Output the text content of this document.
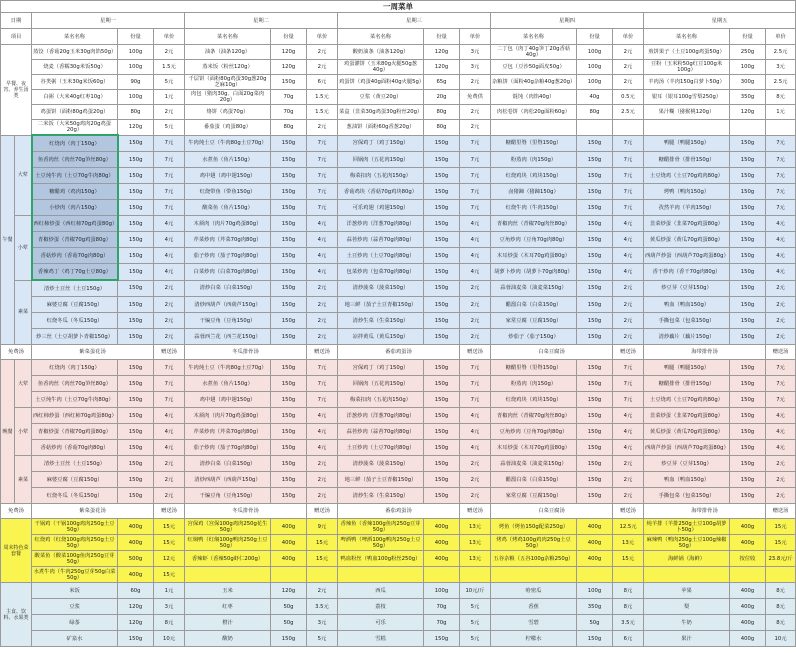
一周菜单																
日期		星期一			星期二			星期三			星期四			星期五		
项目		菜名名称	份量	单价	菜名名称	份量	单价	菜名名称	份量	单价	菜名名称	份量	单价	菜名名称	份量	单价
早餐、夜宵、养生汤类		蒸饺（香菇20g玉米30g肉馅50g）	100g	2元	油条（油条120g）	120g	2元	酸奶油条（油条120g）	120g	3元	二丁包（肉丁40g笋丁20g香菇40g）	100g	2元	煎饼果子（土豆100g鸡蛋50g）	250g	2.5元
		烧麦（香糯30g米饭50g）	100g	1.5元	蒸米饭（粉丝120g）	120g	2元	鸡蛋灌饼（玉米80g火腿50g葱40g）	120g	3元	豆包（豆沙50g面皮50g）	100g	2元	豆粉（玉米粉50g红豆100g米100g）	100g	3元
		谷类粥（玉米30g米饭60g）	90g	5元	千层饼（面粉80g鸡蛋30g葱20g芝麻10g）	150g	6元	鸡蛋饼（鸡蛋40g面粉40g火腿5g）	65g	2元	杂粮饼（面粉40g杂粮40g葱20g）	100g	2元	羊肉汤（羊肉150g白萝卜50g）	300g	2.5元
		白粥（大米40g红枣10g）	100g	1元	肉包（猪肉30g、白面20g菜肉20g）	70g	1.5元	豆浆（黄豆20g）	20g	免费供	馄饨（肉馅40g）	40g	0.5元	银耳（银耳100g雪梨250g）	350g	8元
		鸡蛋饼（面粉80g鸡蛋20g）	80g	2元	烙饼（鸡蛋70g）	70g	1.5元	菜盒（韭菜30g鸡蛋30g粉丝20g）	80g	2元	肉松卷饼（肉松20g面粉60g）	80g	2.5元	果汁糊（猕猴桃120g）	120g	1元
		二米饭（大米50g鸡肉20g鸡蛋20g）	120g	5元	番茄蛋（鸡蛋80g）	80g	2元	葱油饼（面粉60g香葱20g）	80g	2元						
午餐	大荤	红烧肉（肉丁150g）	150g	7元	牛肉炖土豆（牛肉80g土豆70g）	150g	7元	宫保鸡丁（鸡丁150g）	150g	7元	糖醋里脊（里脊150g）	150g	7元	鸭腿（鸭腿150g）	150g	7元
		鱼香肉丝（肉丝70g笋丝80g）	150g	7元	水煮鱼（鱼片150g）	150g	7元	回锅肉（五花肉150g）	150g	7元	粉蒸肉（肉150g）	150g	7元	糖醋排骨（排骨150g）	150g	7元
		土豆炖牛肉（土豆70g牛肉80g）	150g	7元	鸡中翅（鸡中翅150g）	150g	7元	梅菜扣肉（五花肉150g）	150g	7元	红烧鸡块（鸡块150g）	150g	7元	土豆烧鸡（土豆70g鸡肉80g）	150g	7元
		糖醋鸡（鸡肉150g）	150g	7元	红烧带鱼（带鱼150g）	150g	7元	香菇鸡块（香菇70g鸡块80g）	150g	7元	卤猪蹄（猪蹄150g）	150g	7元	烤鸭（鸭肉150g）	150g	7元
		小炒肉（肉片150g）	150g	7元	酸菜鱼（鱼片150g）	150g	7元	可乐鸡翅（鸡翅150g）	150g	7元	红烧牛肉（牛肉150g）	150g	7元	孜然羊肉（羊肉150g）	150g	7元
	小荤	西红柿炒蛋（西红柿70g鸡蛋80g）	150g	4元	木须肉（肉片70g鸡蛋80g）	150g	4元	洋葱炒肉（洋葱70g肉80g）	150g	4元	青椒肉丝（青椒70g肉丝80g）	150g	4元	韭菜炒蛋（韭菜70g鸡蛋80g）	150g	4元
		青椒炒蛋（青椒70g鸡蛋80g）	150g	4元	芹菜炒肉（芹菜70g肉80g）	150g	4元	蒜苔炒肉（蒜苔70g肉80g）	150g	4元	豆角炒肉（豆角70g肉80g）	150g	4元	黄瓜炒蛋（黄瓜70g鸡蛋80g）	150g	4元
		香菇炒肉（香菇70g肉80g）	150g	4元	茄子炒肉（茄子70g肉80g）	150g	4元	土豆炒肉（土豆70g肉80g）	150g	4元	木耳炒蛋（木耳70g鸡蛋80g）	150g	4元	西葫芦炒蛋（西葫芦70g鸡蛋80g）	150g	4元
		香辣鸡丁（鸡丁70g土豆80g）	150g	4元	白菜炒肉（白菜70g肉80g）	150g	4元	包菜炒肉（包菜70g肉80g）	150g	4元	胡萝卜炒肉（胡萝卜70g肉80g）	150g	4元	香干炒肉（香干70g肉80g）	150g	4元
	素菜	清炒土豆丝（土豆150g）	150g	2元	清炒白菜（白菜150g）	150g	2元	清炒菠菜（菠菜150g）	150g	2元	蒜蓉油麦菜（油麦菜150g）	150g	2元	炒豆芽（豆芽150g）	150g	2元
		麻婆豆腐（豆腐150g）	150g	2元	清炒西葫芦（西葫芦150g）	150g	2元	地三鲜（茄子土豆青椒150g）	150g	2元	醋溜白菜（白菜150g）	150g	2元	鸭血（鸭血150g）	150g	2元
		红烧冬瓜（冬瓜150g）	150g	2元	干煸豆角（豆角150g）	150g	2元	清炒生菜（生菜150g）	150g	2元	家常豆腐（豆腐150g）	150g	2元	手撕包菜（包菜150g）	150g	2元
		炒三丝（土豆胡萝卜青椒150g）	150g	2元	蒜蓉西兰花（西兰花150g）	150g	2元	凉拌黄瓜（黄瓜150g）	150g	2元	炒茄子（茄子150g）	150g	2元	清炒藕片（藕片150g）	150g	2元
免费汤		紫菜蛋花汤		赠送汤	冬瓜排骨汤		赠送汤	番茄鸡蛋汤		赠送汤	白菜豆腐汤		赠送汤	海带排骨汤		赠送汤
晚餐	大荤	红烧肉（肉丁150g）	150g	7元	牛肉炖土豆（牛肉80g土豆70g）	150g	7元	宫保鸡丁（鸡丁150g）	150g	7元	糖醋里脊（里脊150g）	150g	7元	鸭腿（鸭腿150g）	150g	7元
		鱼香肉丝（肉丝70g笋丝80g）	150g	7元	水煮鱼（鱼片150g）	150g	7元	回锅肉（五花肉150g）	150g	7元	粉蒸肉（肉150g）	150g	7元	糖醋排骨（排骨150g）	150g	7元
		土豆炖牛肉（土豆70g牛肉80g）	150g	7元	鸡中翅（鸡中翅150g）	150g	7元	梅菜扣肉（五花肉150g）	150g	7元	红烧鸡块（鸡块150g）	150g	7元	土豆烧鸡（土豆70g鸡肉80g）	150g	7元
	小荤	西红柿炒蛋（西红柿70g鸡蛋80g）	150g	4元	木须肉（肉片70g鸡蛋80g）	150g	4元	洋葱炒肉（洋葱70g肉80g）	150g	4元	青椒肉丝（青椒70g肉丝80g）	150g	4元	韭菜炒蛋（韭菜70g鸡蛋80g）	150g	4元
		青椒炒蛋（青椒70g鸡蛋80g）	150g	4元	芹菜炒肉（芹菜70g肉80g）	150g	4元	蒜苔炒肉（蒜苔70g肉80g）	150g	4元	豆角炒肉（豆角70g肉80g）	150g	4元	黄瓜炒蛋（黄瓜70g鸡蛋80g）	150g	4元
		香菇炒肉（香菇70g肉80g）	150g	4元	茄子炒肉（茄子70g肉80g）	150g	4元	土豆炒肉（土豆70g肉80g）	150g	4元	木耳炒蛋（木耳70g鸡蛋80g）	150g	4元	西葫芦炒蛋（西葫芦70g鸡蛋80g）	150g	4元
	素菜	清炒土豆丝（土豆150g）	150g	2元	清炒白菜（白菜150g）	150g	2元	清炒菠菜（菠菜150g）	150g	2元	蒜蓉油麦菜（油麦菜150g）	150g	2元	炒豆芽（豆芽150g）	150g	2元
		麻婆豆腐（豆腐150g）	150g	2元	清炒西葫芦（西葫芦150g）	150g	2元	地三鲜（茄子土豆青椒150g）	150g	2元	醋溜白菜（白菜150g）	150g	2元	鸭血（鸭血150g）	150g	2元
		红烧冬瓜（冬瓜150g）	150g	2元	干煸豆角（豆角150g）	150g	2元	清炒生菜（生菜150g）	150g	2元	家常豆腐（豆腐150g）	150g	2元	手撕包菜（包菜150g）	150g	2元
免费汤		紫菜蛋花汤		赠送汤	冬瓜排骨汤		赠送汤	番茄鸡蛋汤		赠送汤	白菜豆腐汤		赠送汤	海带排骨汤		赠送汤
周末特色菜套餐		干锅鸡（干锅100g鸡肉250g土豆50g）	400g	15元	宫保鸡（宫保100g鸡肉250g花生50g）	400g	9元	香辣鱼（香辣100g鱼肉250g豆芽50g）	400g	13元	烤鱼（烤鱼150g配菜250g）	400g	12.5元	炖羊排（羊排250g土豆100g胡萝卜50g）	400g	15元
		红烧鸡（红烧100g鸡肉250g土豆50g）	400g	15元	红焖鸭（红焖100g鸭肉250g土豆50g）	400g	15元	啤酒鸭（啤酒100g鸭肉250g土豆50g）	400g	13元	烤鸡（烤鸡100g鸡肉250g土豆50g）	400g	13元	麻辣鸭（鸭肉250g土豆100g辣椒50g）	400g	15元
		酸菜鱼（酸菜100g鱼肉250g豆芽50g）	500g	12元	香辣虾（香辣50g虾仁200g）	400g	15元	鸭血粉丝（鸭血100g粉丝250g）	400g	13元	五谷杂粮（五谷100g杂粮250g）	400g	15元	海鲜锅（海鲜）	按位收	23.8元/斤
		水煮牛肉（牛肉250g豆芽50g白菜50g）	400g	15元												
主食、饮料、水果类		米饭	60g	1元	玉米	120g	2元	西瓜	100g	10元/斤	哈密瓜	100g	8元	苹果	400g	8元
		豆浆	120g	3元	红枣	50g	3.5元	荔枝	70g	5元	香蕉	350g	8元	梨	400g	8元
		绿茶	120g	8元	橙汁	50g	3元	可乐	70g	5元	雪碧	50g	3.5元	牛奶	400g	8元
		矿泉水	150g	10元	酸奶	150g	5元	雪糕	150g	5元	柠檬水	150g	6元	果汁	400g	10元
